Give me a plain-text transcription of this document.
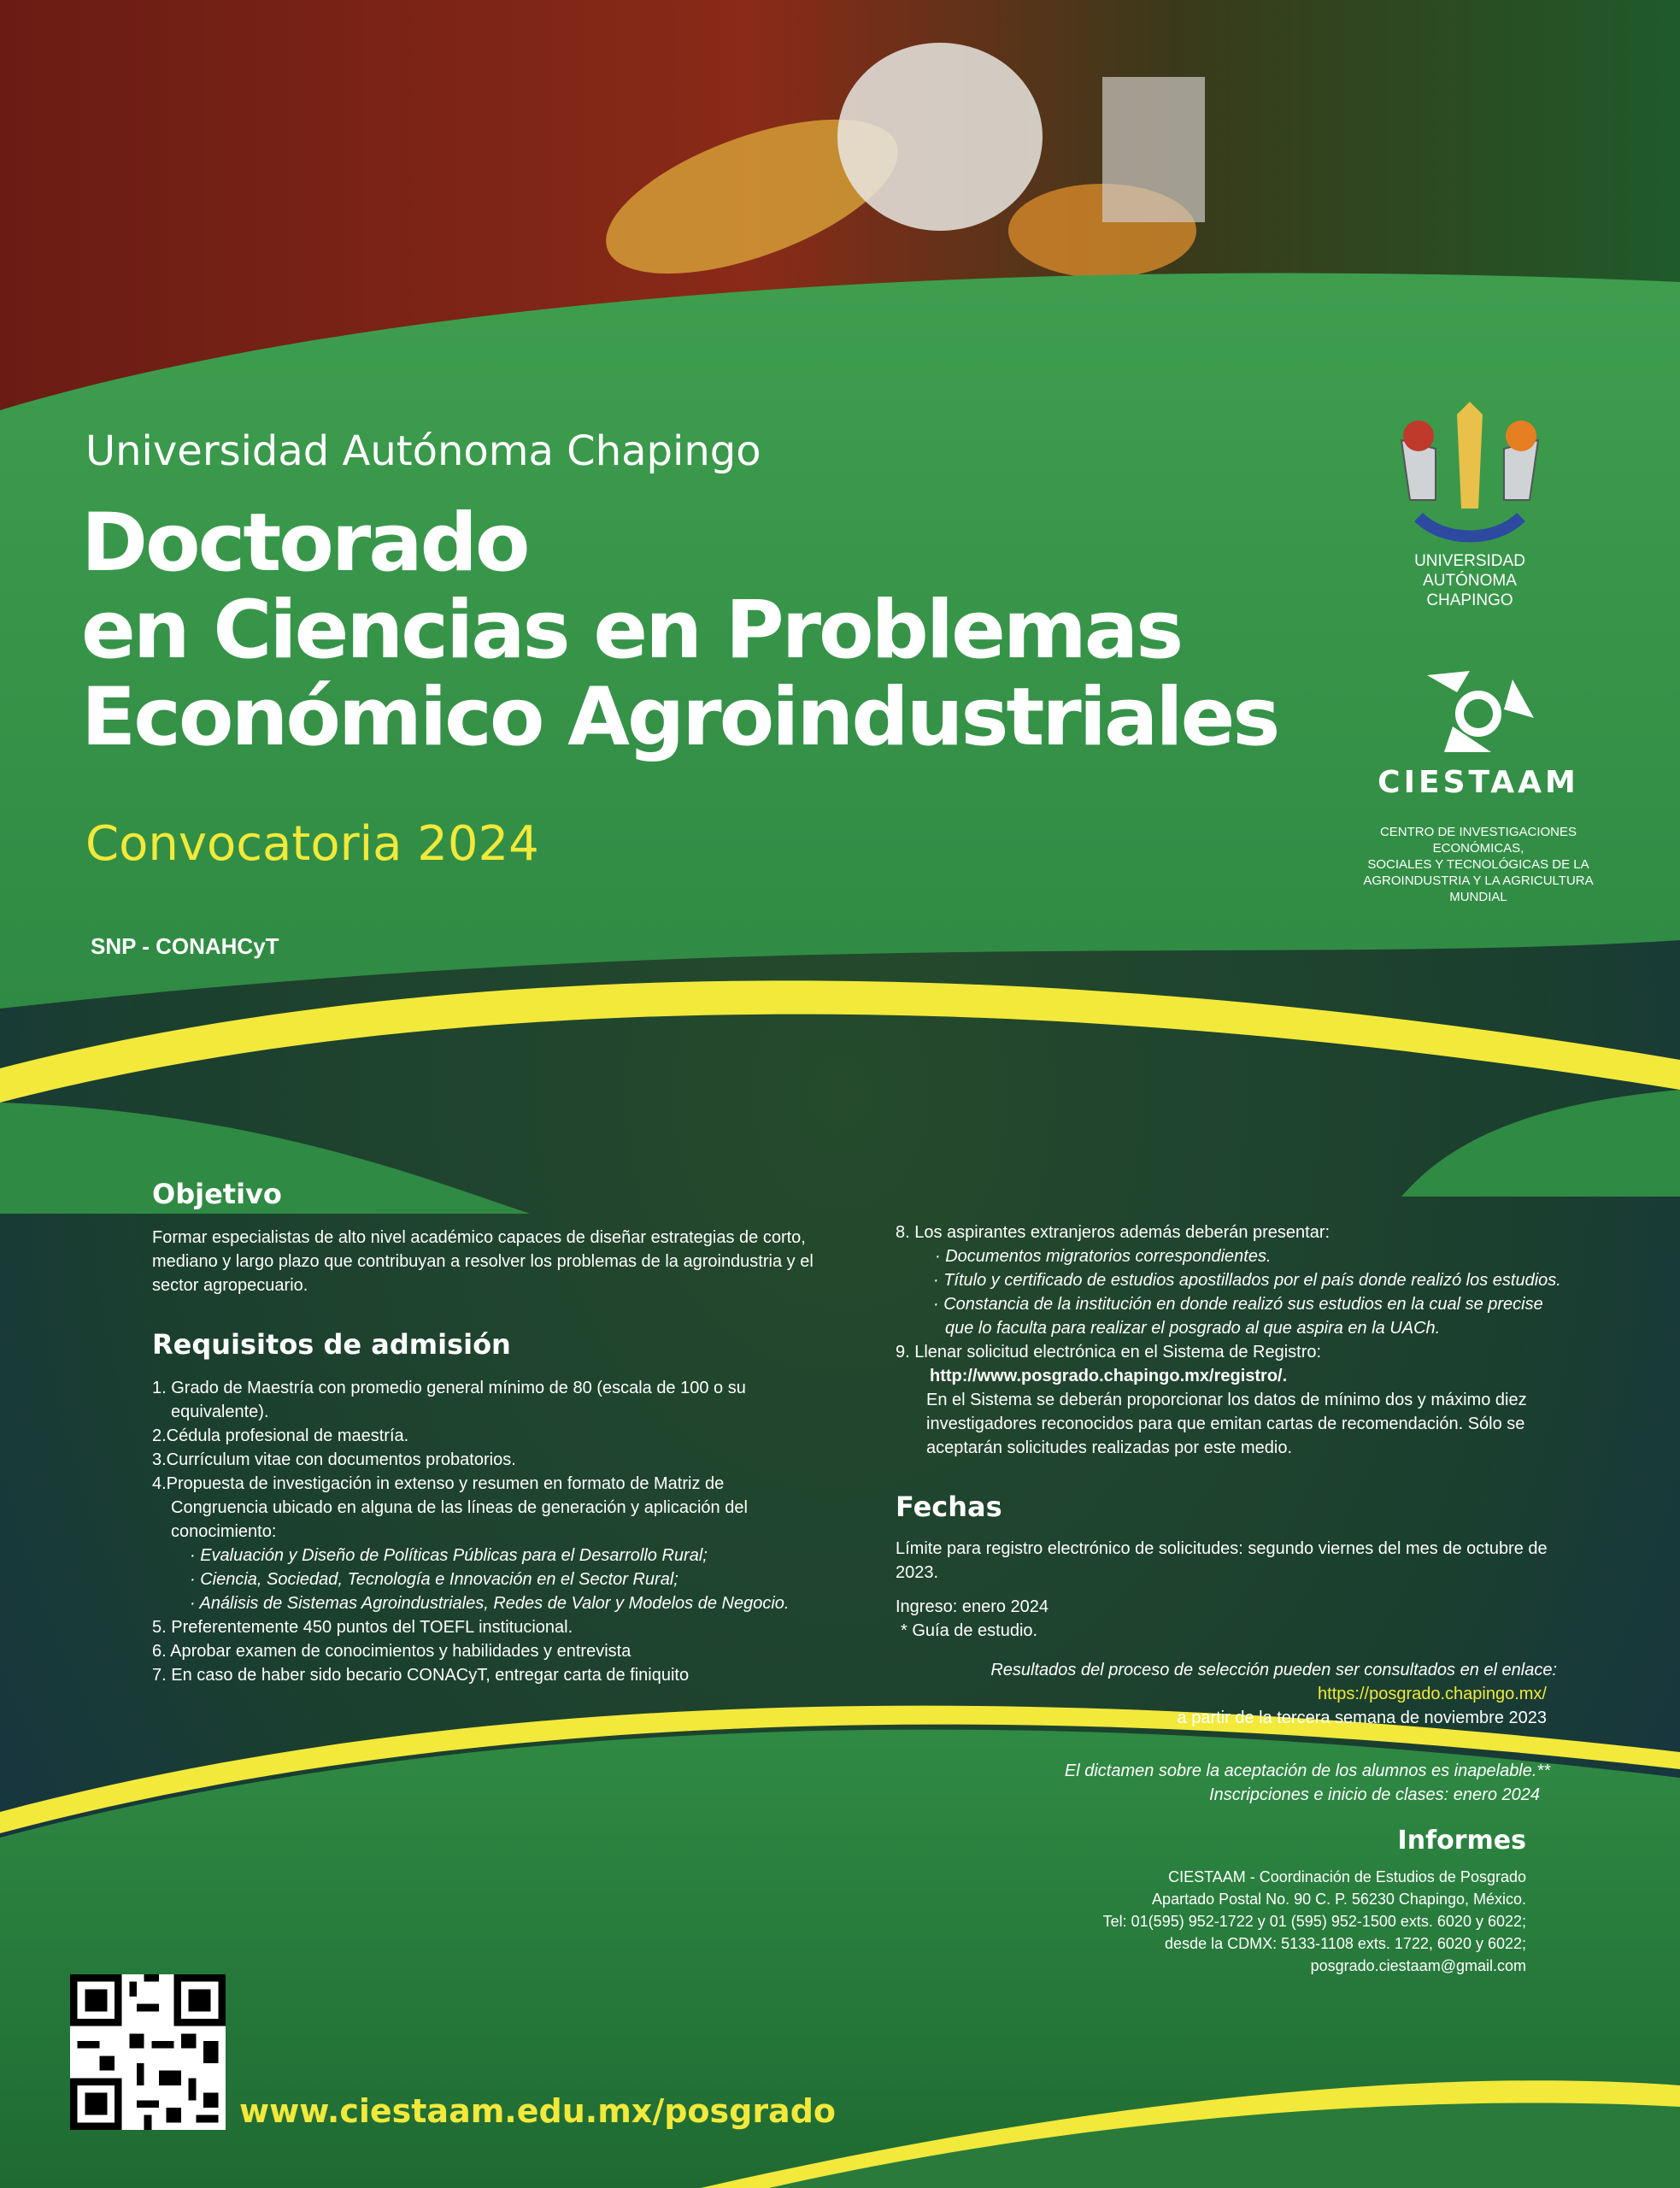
Universidad Autónoma Chapingo
Doctorado
en Ciencias en Problemas
Económico Agroindustriales
Convocatoria 2024
SNP - CONAHCyT
UNIVERSIDAD AUTÓNOMA
CHAPINGO
CIESTAAM
CENTRO DE INVESTIGACIONES ECONÓMICAS,
SOCIALES Y TECNOLÓGICAS DE LA
AGROINDUSTRIA Y LA AGRICULTURA MUNDIAL
Objetivo
Formar especialistas de alto nivel académico capaces de diseñar estrategias de corto, mediano y largo plazo que contribuyan a resolver los problemas de la agroindustria y el sector agropecuario.
Requisitos de admisión
1. Grado de Maestría con promedio general mínimo de 80 (escala de 100 o su equivalente).
2.Cédula profesional de maestría.
3.Currículum vitae con documentos probatorios.
4.Propuesta de investigación in extenso y resumen en formato de Matriz de Congruencia ubicado en alguna de las líneas de generación y aplicación del conocimiento:
· Evaluación y Diseño de Políticas Públicas para el Desarrollo Rural;
· Ciencia, Sociedad, Tecnología e Innovación en el Sector Rural;
· Análisis de Sistemas Agroindustriales, Redes de Valor y Modelos de Negocio.
5. Preferentemente 450 puntos del TOEFL institucional.
6. Aprobar examen de conocimientos y habilidades y entrevista
7. En caso de haber sido becario CONACyT, entregar carta de finiquito
8. Los aspirantes extranjeros además deberán presentar:
· Documentos migratorios correspondientes.
· Título y certificado de estudios apostillados por el país donde realizó los estudios.
· Constancia de la institución en donde realizó sus estudios en la cual se precise que lo faculta para realizar el posgrado al que aspira en la UACh.
9. Llenar solicitud electrónica en el Sistema de Registro:
http://www.posgrado.chapingo.mx/registro/.
En el Sistema se deberán proporcionar los datos de mínimo dos y máximo diez investigadores reconocidos para que emitan cartas de recomendación. Sólo se aceptarán solicitudes realizadas por este medio.
Fechas
Límite para registro electrónico de solicitudes: segundo viernes del mes de octubre de 2023.
Ingreso: enero 2024
* Guía de estudio.
Resultados del proceso de selección pueden ser consultados en el enlace:
https://posgrado.chapingo.mx/
a partir de la tercera semana de noviembre 2023
El dictamen sobre la aceptación de los alumnos es inapelable.**
Inscripciones e inicio de clases: enero 2024
Informes
CIESTAAM - Coordinación de Estudios de Posgrado
Apartado Postal No. 90 C. P. 56230 Chapingo, México.
Tel: 01(595) 952-1722 y 01 (595) 952-1500 exts. 6020 y 6022;
desde la CDMX: 5133-1108 exts. 1722, 6020 y 6022;
posgrado.ciestaam@gmail.com
www.ciestaam.edu.mx/posgrado
